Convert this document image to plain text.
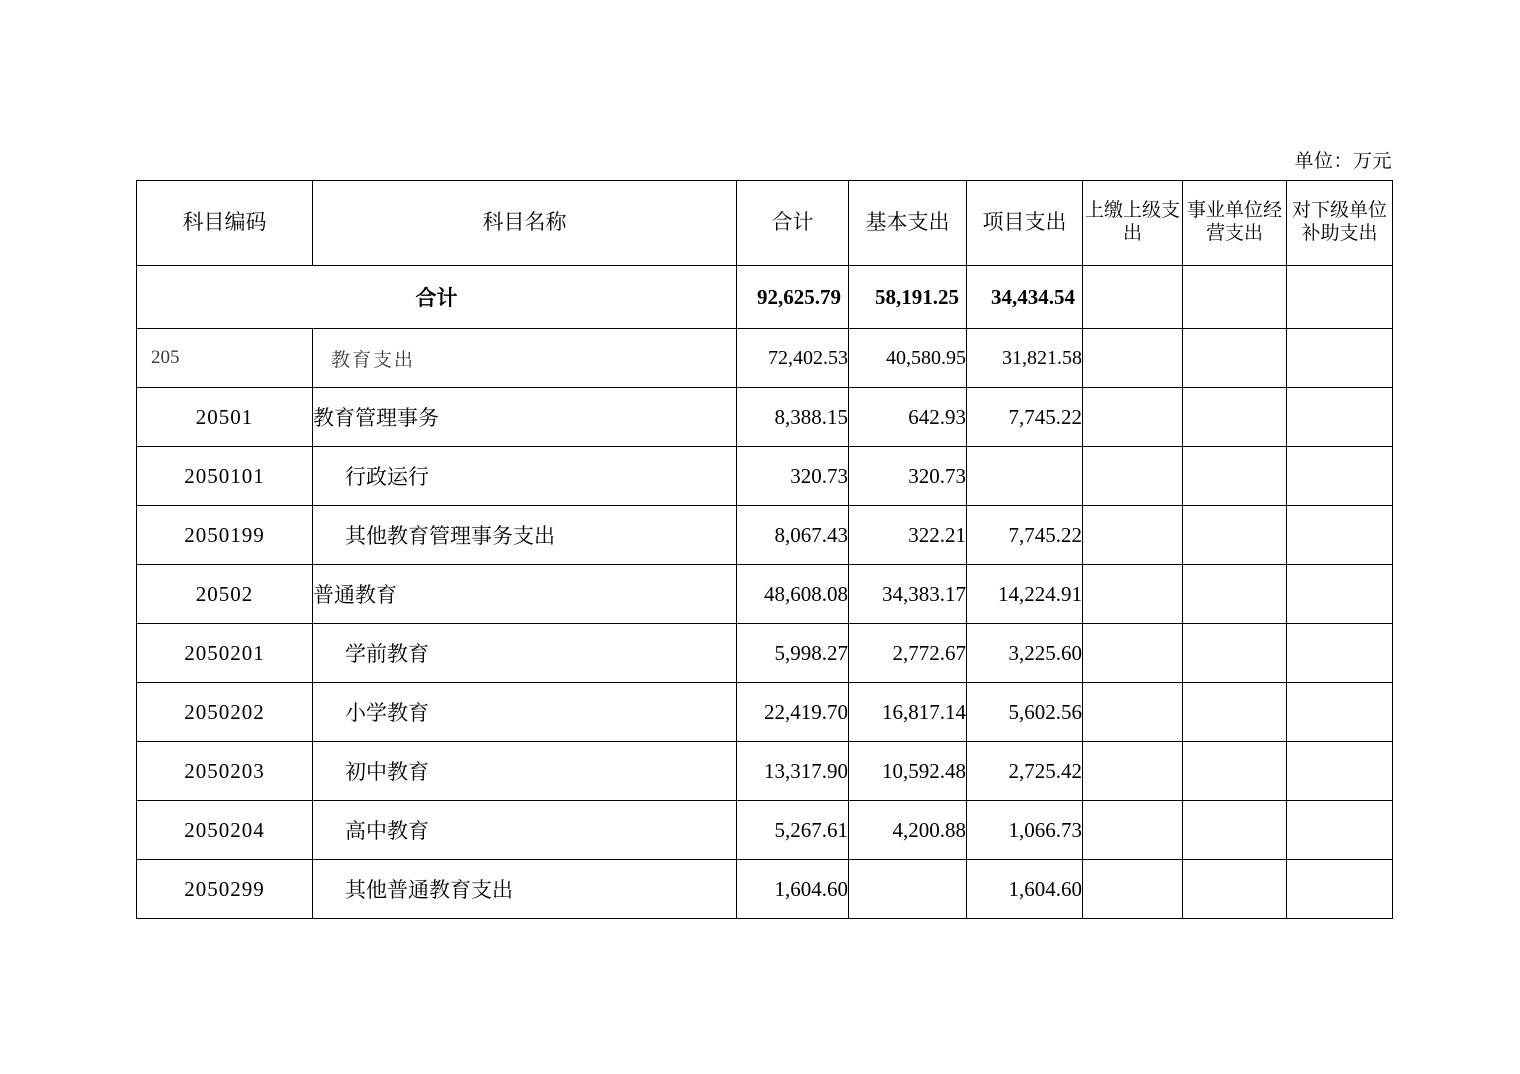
单位：万元
科目编码	科目名称	合计	基本支出	项目支出	上缴上级支出	事业单位经营支出	对下级单位补助支出
合计		92,625.79	58,191.25	34,434.54			
205	教育支出	72,402.53	40,580.95	31,821.58			
20501	教育管理事务	8,388.15	642.93	7,745.22			
2050101	行政运行	320.73	320.73				
2050199	其他教育管理事务支出	8,067.43	322.21	7,745.22			
20502	普通教育	48,608.08	34,383.17	14,224.91			
2050201	学前教育	5,998.27	2,772.67	3,225.60			
2050202	小学教育	22,419.70	16,817.14	5,602.56			
2050203	初中教育	13,317.90	10,592.48	2,725.42			
2050204	高中教育	5,267.61	4,200.88	1,066.73			
2050299	其他普通教育支出	1,604.60		1,604.60			
